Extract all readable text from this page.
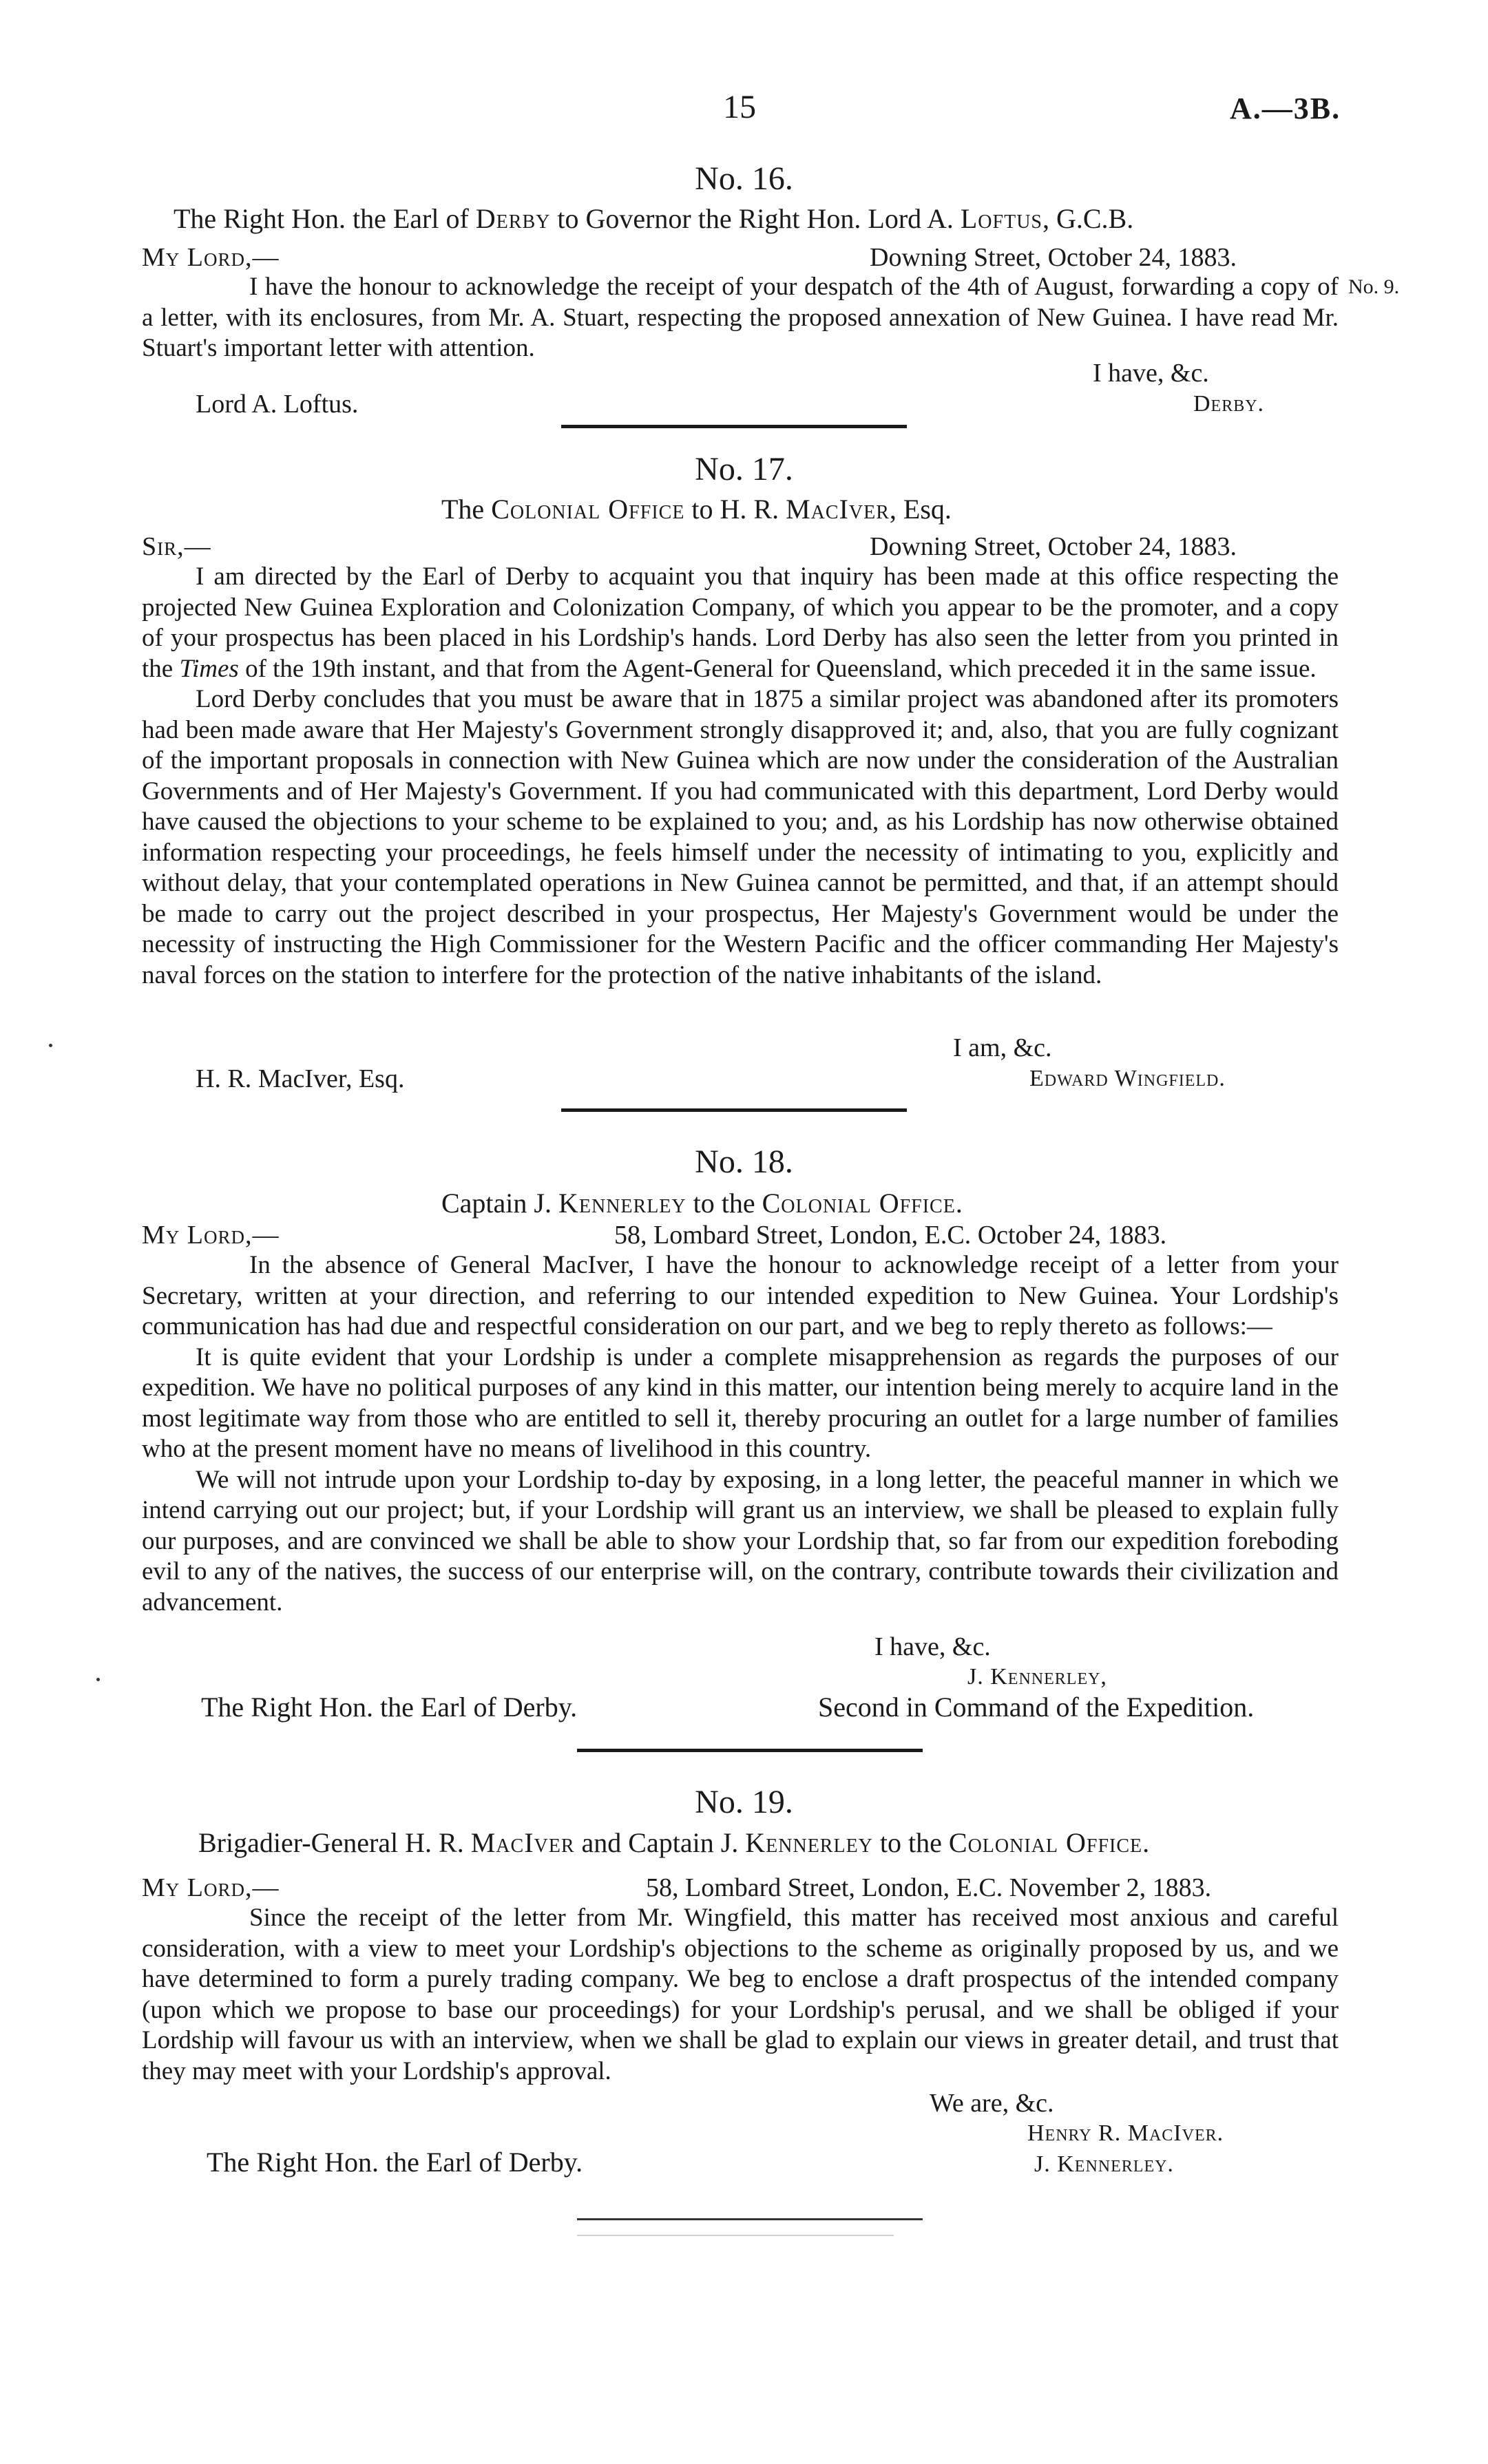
15	A.—3B.
No. 16.
The Right Hon. the Earl of Derby to Governor the Right Hon. Lord A. Loftus, G.C.B.
My Lord,—	Downing Street, October 24, 1883.
No. 9.

I have the honour to acknowledge the receipt of your despatch of the 4th of August, forwarding a copy of a letter, with its enclosures, from Mr. A. Stuart, respecting the proposed annexation of New Guinea. I have read Mr. Stuart's important letter with attention.

I have, &c.
Lord A. Loftus.	Derby.
No. 17.
The Colonial Office to H. R. MacIver, Esq.
Sir,—	Downing Street, October 24, 1883.

I am directed by the Earl of Derby to acquaint you that inquiry has been made at this office respecting the projected New Guinea Exploration and Colonization Company, of which you appear to be the promoter, and a copy of your prospectus has been placed in his Lordship's hands. Lord Derby has also seen the letter from you printed in the Times of the 19th instant, and that from the Agent-General for Queensland, which preceded it in the same issue.

Lord Derby concludes that you must be aware that in 1875 a similar project was abandoned after its promoters had been made aware that Her Majesty's Government strongly disapproved it; and, also, that you are fully cognizant of the important proposals in connection with New Guinea which are now under the consideration of the Australian Governments and of Her Majesty's Government. If you had communicated with this department, Lord Derby would have caused the objections to your scheme to be explained to you; and, as his Lordship has now otherwise obtained information respecting your proceedings, he feels himself under the necessity of intimating to you, explicitly and without delay, that your contemplated operations in New Guinea cannot be permitted, and that, if an attempt should be made to carry out the project described in your prospectus, Her Majesty's Government would be under the necessity of instructing the High Commissioner for the Western Pacific and the officer commanding Her Majesty's naval forces on the station to interfere for the protection of the native inhabitants of the island.

I am, &c.
H. R. MacIver, Esq.	Edward Wingfield.
No. 18.
Captain J. Kennerley to the Colonial Office.
My Lord,—	58, Lombard Street, London, E.C. October 24, 1883.

In the absence of General MacIver, I have the honour to acknowledge receipt of a letter from your Secretary, written at your direction, and referring to our intended expedition to New Guinea. Your Lordship's communication has had due and respectful consideration on our part, and we beg to reply thereto as follows:—

It is quite evident that your Lordship is under a complete misapprehension as regards the purposes of our expedition. We have no political purposes of any kind in this matter, our intention being merely to acquire land in the most legitimate way from those who are entitled to sell it, thereby procuring an outlet for a large number of families who at the present moment have no means of livelihood in this country.

We will not intrude upon your Lordship to-day by exposing, in a long letter, the peaceful manner in which we intend carrying out our project; but, if your Lordship will grant us an interview, we shall be pleased to explain fully our purposes, and are convinced we shall be able to show your Lordship that, so far from our expedition foreboding evil to any of the natives, the success of our enterprise will, on the contrary, contribute towards their civilization and advancement.

I have, &c.
J. Kennerley,
The Right Hon. the Earl of Derby.	Second in Command of the Expedition.
No. 19.
Brigadier-General H. R. MacIver and Captain J. Kennerley to the Colonial Office.
My Lord,—	58, Lombard Street, London, E.C. November 2, 1883.

Since the receipt of the letter from Mr. Wingfield, this matter has received most anxious and careful consideration, with a view to meet your Lordship's objections to the scheme as originally proposed by us, and we have determined to form a purely trading company. We beg to enclose a draft prospectus of the intended company (upon which we propose to base our proceedings) for your Lordship's perusal, and we shall be obliged if your Lordship will favour us with an interview, when we shall be glad to explain our views in greater detail, and trust that they may meet with your Lordship's approval.

We are, &c.
Henry R. MacIver.
The Right Hon. the Earl of Derby.	J. Kennerley.
